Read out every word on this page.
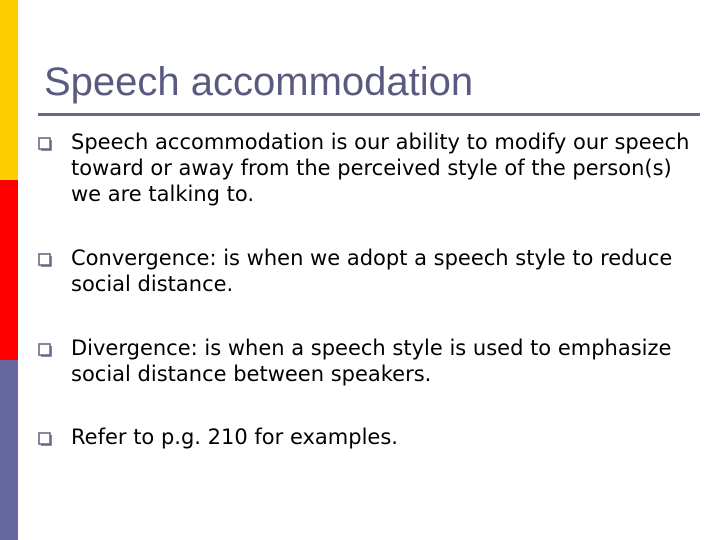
Speech accommodation
Speech accommodation is our ability to modify our speech toward or away from the perceived style of the person(s) we are talking to.
Convergence: is when we adopt a speech style to reduce social distance.
Divergence: is when a speech style is used to emphasize social distance between speakers.
Refer to p.g. 210 for examples.
